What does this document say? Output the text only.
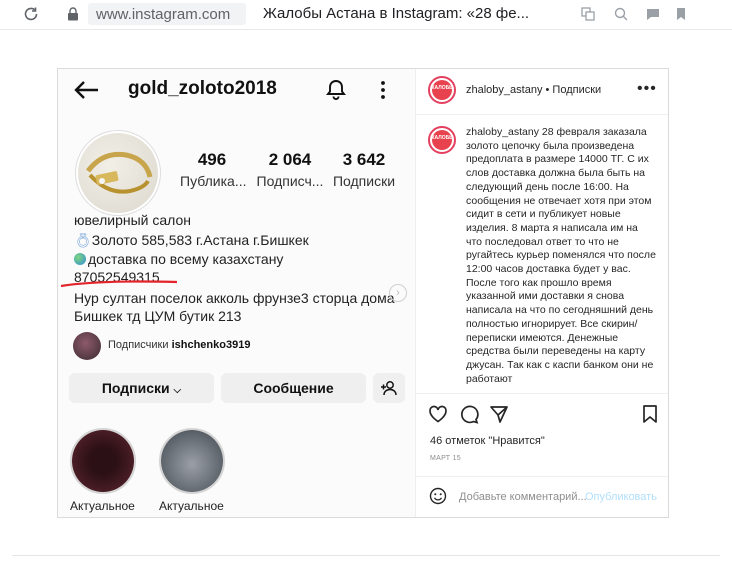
www.instagram.com Жалобы Астана в Instagram: «28 фе...
gold_zoloto2018
496
Публика...
2 064
Подписч...
3 642
Подписки
ювелирный салон
💍︎Золото 585,583 г.Астана г.Бишкек
доставка по всему казахстану
87052549315
Нур султан поселок акколь фрунзе3 сторца дома
Бишкек тд ЦУМ бутик 213
›
Подписчики ishchenko3919
Подписки ⌵	Сообщение
Актуальное Актуальное
ЖАЛОБЫ zhaloby_astany • Подписки •••
ЖАЛОБЫ zhaloby_astany 28 февраля заказала золото цепочку была произведена предоплата в размере 14000 ТГ. С их слов доставка должна была быть на следующий день после 16:00. На сообщения не отвечает хотя при этом сидит в сети и публикует новые изделия. 8 марта я написала им на что последовал ответ то что не ругайтесь курьер поменялся что после 12:00 часов доставка будет у вас. После того как прошло время указанной ими доставки я снова написала на что по сегодняшний день полностью игнорирует. Все скирин/ переписки имеются. Денежные средства были переведены на карту джусан. Так как с каспи банком они не работают
46 отметок "Нравится"
МАРТ 15
Добавьте комментарий...
Опубликовать
